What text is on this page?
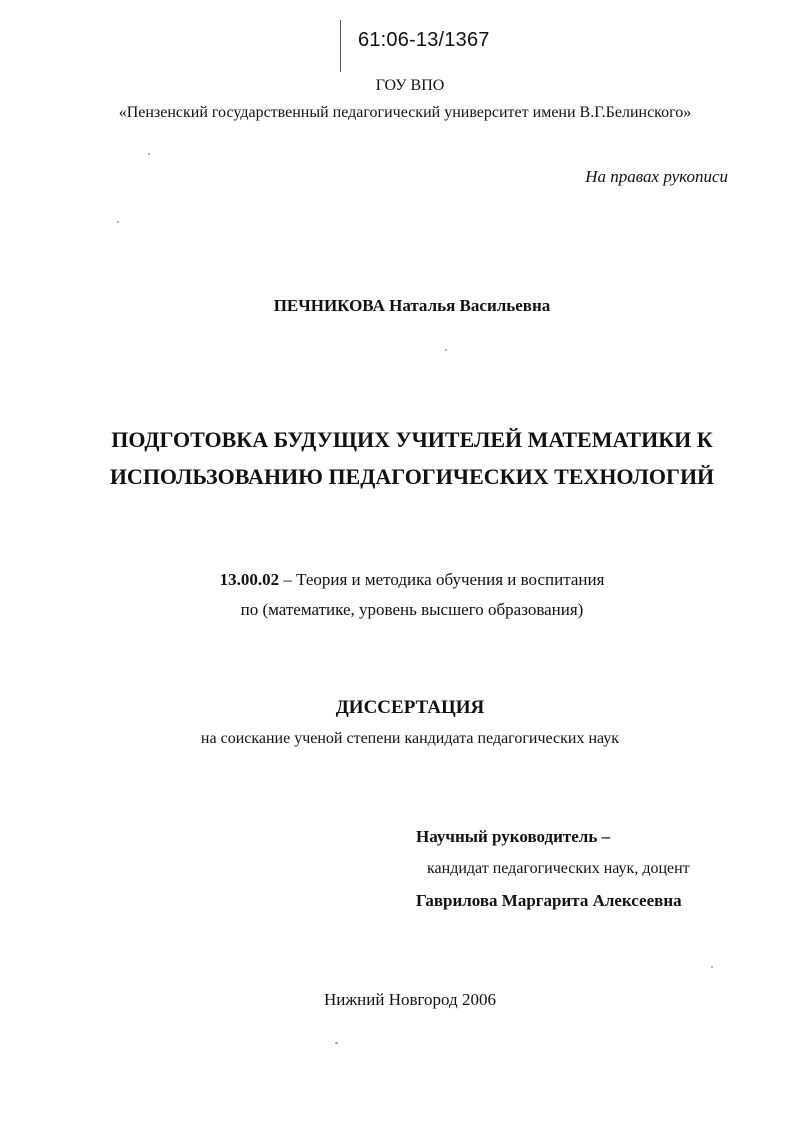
61:06-13/1367
ГОУ ВПО
«Пензенский государственный педагогический университет имени В.Г.Белинского»
На правах рукописи
ПЕЧНИКОВА Наталья Васильевна
ПОДГОТОВКА БУДУЩИХ УЧИТЕЛЕЙ МАТЕМАТИКИ К
ИСПОЛЬЗОВАНИЮ ПЕДАГОГИЧЕСКИХ ТЕХНОЛОГИЙ
13.00.02 – Теория и методика обучения и воспитания
по (математике, уровень высшего образования)
ДИССЕРТАЦИЯ
на соискание ученой степени кандидата педагогических наук
Научный руководитель –
кандидат педагогических наук, доцент
Гаврилова Маргарита Алексеевна
Нижний Новгород 2006
